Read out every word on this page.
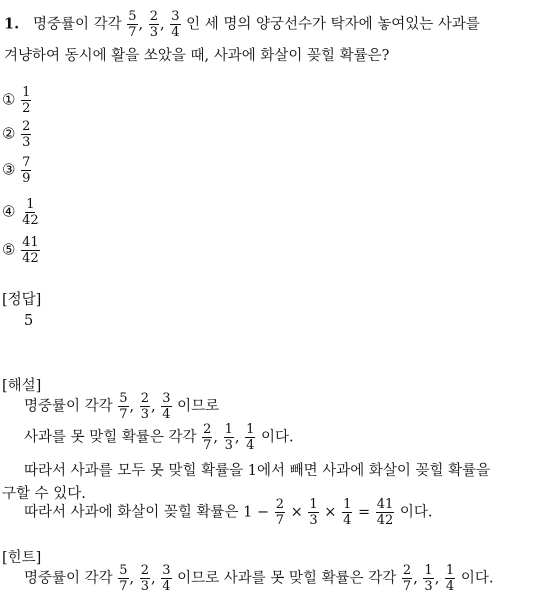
1. 명중률이 각각 $\frac{5}{7}$ , $\frac{2}{3}$ , $\frac{3}{4}$ 인 세 명의 양궁선수가 탁자에 놓여있는 사과를
겨냥하여 동시에 활을 쏘았을 때, 사과에 화살이 꽂힐 확률은?
① $\frac{1}{2}$
② $\frac{2}{3}$
③ $\frac{7}{9}$
④ $\frac{1}{42}$
⑤ $\frac{41}{42}$
[정답]
5
[해설]
명중률이 각각 $\frac{5}{7}$ , $\frac{2}{3}$ , $\frac{3}{4}$ 이므로
사과를 못 맞힐 확률은 각각 $\frac{2}{7}$ , $\frac{1}{3}$ , $\frac{1}{4}$ 이다.
따라서 사과를 모두 못 맞힐 확률을 1에서 빼면 사과에 화살이 꽂힐 확률을
구할 수 있다.
따라서 사과에 화살이 꽂힐 확률은 $1 - \frac{2}{7} \times \frac{1}{3} \times \frac{1}{4} = \frac{41}{42}$ 이다.
[힌트]
명중률이 각각 $\frac{5}{7}$ , $\frac{2}{3}$ , $\frac{3}{4}$ 이므로 사과를 못 맞힐 확률은 각각 $\frac{2}{7}$ , $\frac{1}{3}$ , $\frac{1}{4}$ 이다.
